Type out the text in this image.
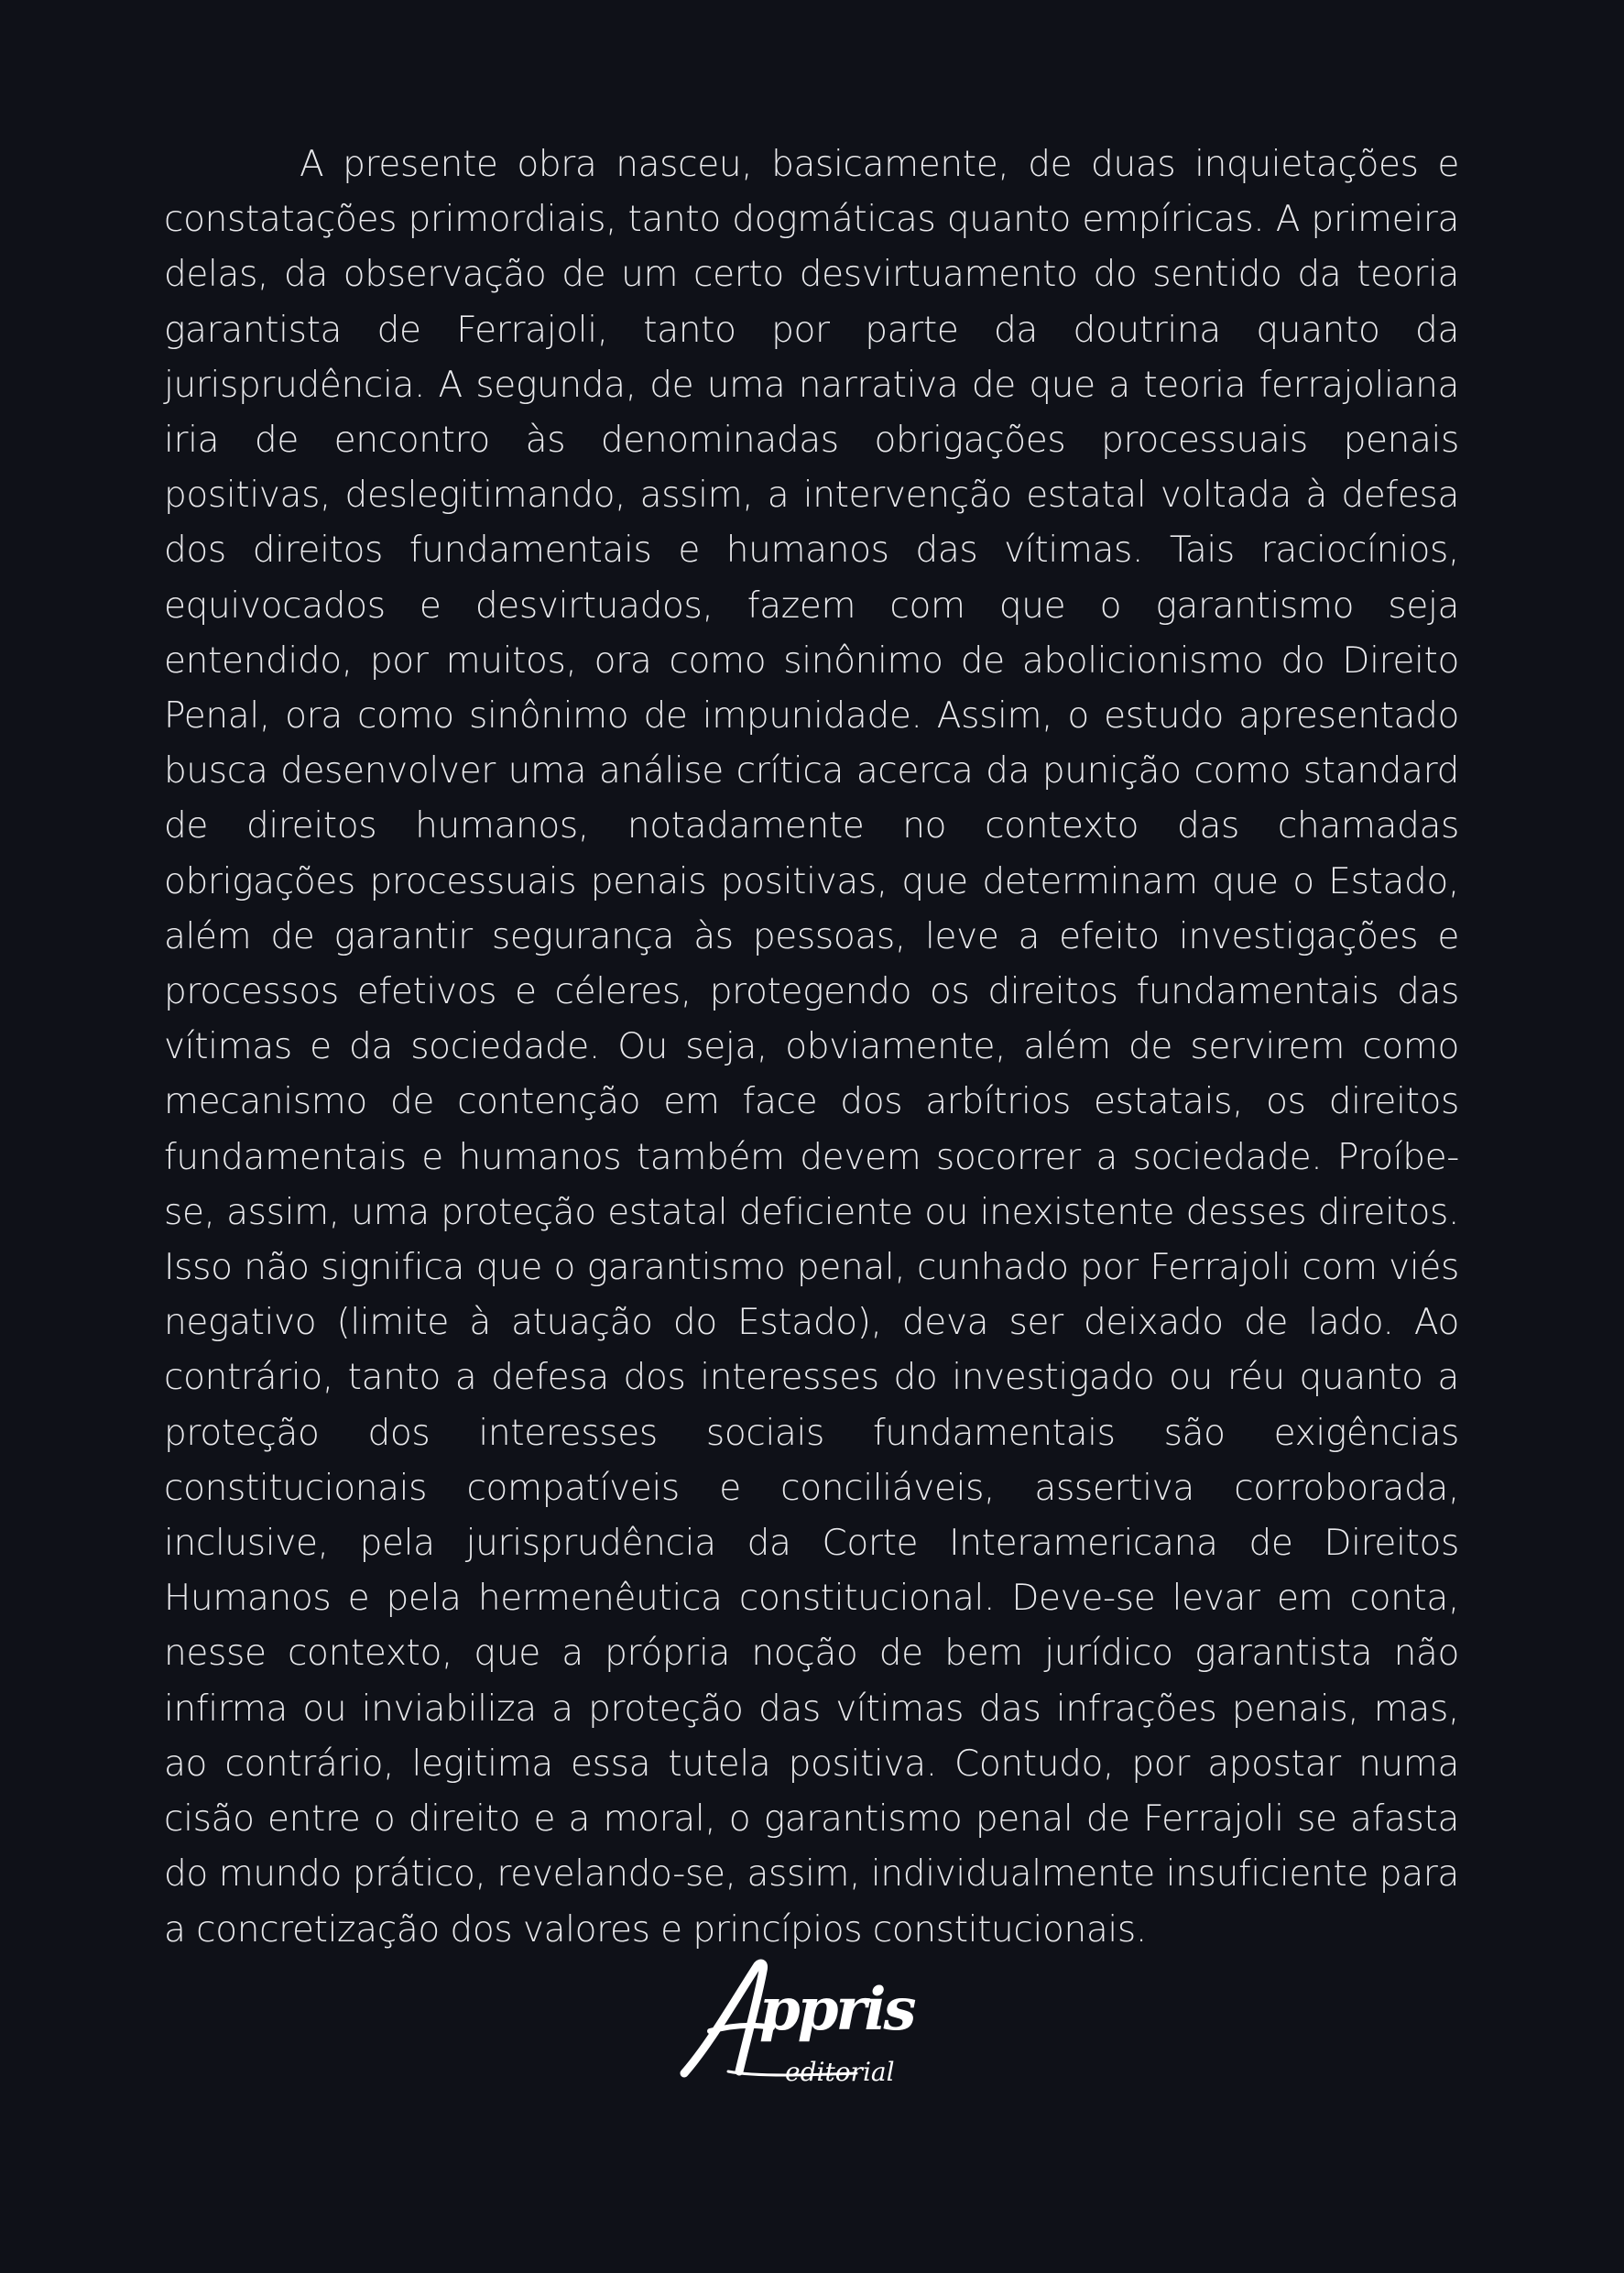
A presente obra nasceu, basicamente, de duas inquietações e constatações primordiais, tanto dogmáticas quanto empíricas. A primeira delas, da observação de um certo desvirtuamento do sentido da teoria garantista de Ferrajoli, tanto por parte da doutrina quanto da jurisprudência. A segunda, de uma narrativa de que a teoria ferrajoliana iria de encontro às denominadas obrigações processuais penais positivas, deslegitimando, assim, a intervenção estatal voltada à defesa dos direitos fundamentais e humanos das vítimas. Tais raciocínios, equivocados e desvirtuados, fazem com que o garantismo seja entendido, por muitos, ora como sinônimo de abolicionismo do Direito Penal, ora como sinônimo de impunidade. Assim, o estudo apresentado busca desenvolver uma análise crítica acerca da punição como standard de direitos humanos, notadamente no contexto das chamadas obrigações processuais penais positivas, que determinam que o Estado, além de garantir segurança às pessoas, leve a efeito investigações e processos efetivos e céleres, protegendo os direitos fundamentais das vítimas e da sociedade. Ou seja, obviamente, além de servirem como mecanismo de contenção em face dos arbítrios estatais, os direitos fundamentais e humanos também devem socorrer a sociedade. Proíbe-se, assim, uma proteção estatal deficiente ou inexistente desses direitos. Isso não significa que o garantismo penal, cunhado por Ferrajoli com viés negativo (limite à atuação do Estado), deva ser deixado de lado. Ao contrário, tanto a defesa dos interesses do investigado ou réu quanto a proteção dos interesses sociais fundamentais são exigências constitucionais compatíveis e conciliáveis, assertiva corroborada, inclusive, pela jurisprudência da Corte Interamericana de Direitos Humanos e pela hermenêutica constitucional. Deve-se levar em conta, nesse contexto, que a própria noção de bem jurídico garantista não infirma ou inviabiliza a proteção das vítimas das infrações penais, mas, ao contrário, legitima essa tutela positiva. Contudo, por apostar numa cisão entre o direito e a moral, o garantismo penal de Ferrajoli se afasta do mundo prático, revelando-se, assim, individualmente insuficiente para a concretização dos valores e princípios constitucionais.

ppris
editorial
